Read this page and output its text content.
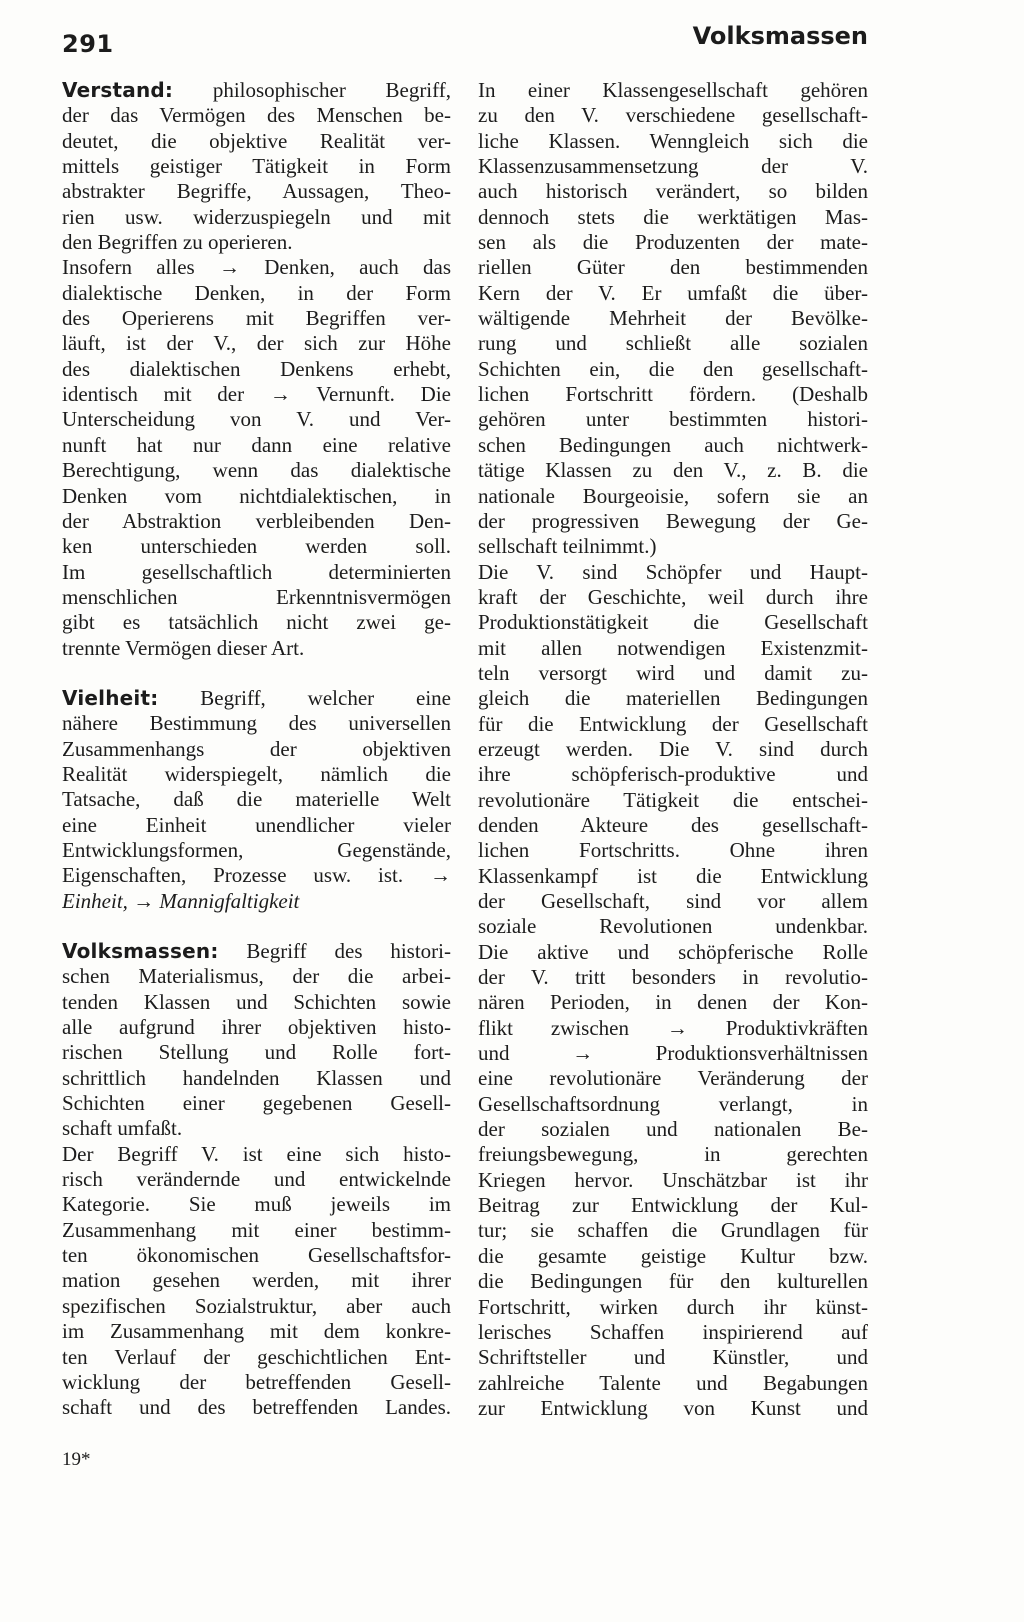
291	Volksmassen
Verstand: philosophischer Begriff,
der das Vermögen des Menschen be-
deutet, die objektive Realität ver-
mittels geistiger Tätigkeit in Form
abstrakter Begriffe, Aussagen, Theo-
rien usw. widerzuspiegeln und mit
den Begriffen zu operieren.
Insofern alles → Denken, auch das
dialektische Denken, in der Form
des Operierens mit Begriffen ver-
läuft, ist der V., der sich zur Höhe
des dialektischen Denkens erhebt,
identisch mit der → Vernunft. Die
Unterscheidung von V. und Ver-
nunft hat nur dann eine relative
Berechtigung, wenn das dialektische
Denken vom nichtdialektischen, in
der Abstraktion verbleibenden Den-
ken unterschieden werden soll.
Im gesellschaftlich determinierten
menschlichen Erkenntnisvermögen
gibt es tatsächlich nicht zwei ge-
trennte Vermögen dieser Art.
Vielheit: Begriff, welcher eine
nähere Bestimmung des universellen
Zusammenhangs der objektiven
Realität widerspiegelt, nämlich die
Tatsache, daß die materielle Welt
eine Einheit unendlicher vieler
Entwicklungsformen, Gegenstände,
Eigenschaften, Prozesse usw. ist. →
Einheit, → Mannigfaltigkeit
Volksmassen: Begriff des histori-
schen Materialismus, der die arbei-
tenden Klassen und Schichten sowie
alle aufgrund ihrer objektiven histo-
rischen Stellung und Rolle fort-
schrittlich handelnden Klassen und
Schichten einer gegebenen Gesell-
schaft umfaßt.
Der Begriff V. ist eine sich histo-
risch verändernde und entwickelnde
Kategorie. Sie muß jeweils im
Zusammenhang mit einer bestimm-
ten ökonomischen Gesellschaftsfor-
mation gesehen werden, mit ihrer
spezifischen Sozialstruktur, aber auch
im Zusammenhang mit dem konkre-
ten Verlauf der geschichtlichen Ent-
wicklung der betreffenden Gesell-
schaft und des betreffenden Landes.
In einer Klassengesellschaft gehören
zu den V. verschiedene gesellschaft-
liche Klassen. Wenngleich sich die
Klassenzusammensetzung der V.
auch historisch verändert, so bilden
dennoch stets die werktätigen Mas-
sen als die Produzenten der mate-
riellen Güter den bestimmenden
Kern der V. Er umfaßt die über-
wältigende Mehrheit der Bevölke-
rung und schließt alle sozialen
Schichten ein, die den gesellschaft-
lichen Fortschritt fördern. (Deshalb
gehören unter bestimmten histori-
schen Bedingungen auch nichtwerk-
tätige Klassen zu den V., z. B. die
nationale Bourgeoisie, sofern sie an
der progressiven Bewegung der Ge-
sellschaft teilnimmt.)
Die V. sind Schöpfer und Haupt-
kraft der Geschichte, weil durch ihre
Produktionstätigkeit die Gesellschaft
mit allen notwendigen Existenzmit-
teln versorgt wird und damit zu-
gleich die materiellen Bedingungen
für die Entwicklung der Gesellschaft
erzeugt werden. Die V. sind durch
ihre schöpferisch-produktive und
revolutionäre Tätigkeit die entschei-
denden Akteure des gesellschaft-
lichen Fortschritts. Ohne ihren
Klassenkampf ist die Entwicklung
der Gesellschaft, sind vor allem
soziale Revolutionen undenkbar.
Die aktive und schöpferische Rolle
der V. tritt besonders in revolutio-
nären Perioden, in denen der Kon-
flikt zwischen → Produktivkräften
und → Produktionsverhältnissen
eine revolutionäre Veränderung der
Gesellschaftsordnung verlangt, in
der sozialen und nationalen Be-
freiungsbewegung, in gerechten
Kriegen hervor. Unschätzbar ist ihr
Beitrag zur Entwicklung der Kul-
tur; sie schaffen die Grundlagen für
die gesamte geistige Kultur bzw.
die Bedingungen für den kulturellen
Fortschritt, wirken durch ihr künst-
lerisches Schaffen inspirierend auf
Schriftsteller und Künstler, und
zahlreiche Talente und Begabungen
zur Entwicklung von Kunst und
19*
